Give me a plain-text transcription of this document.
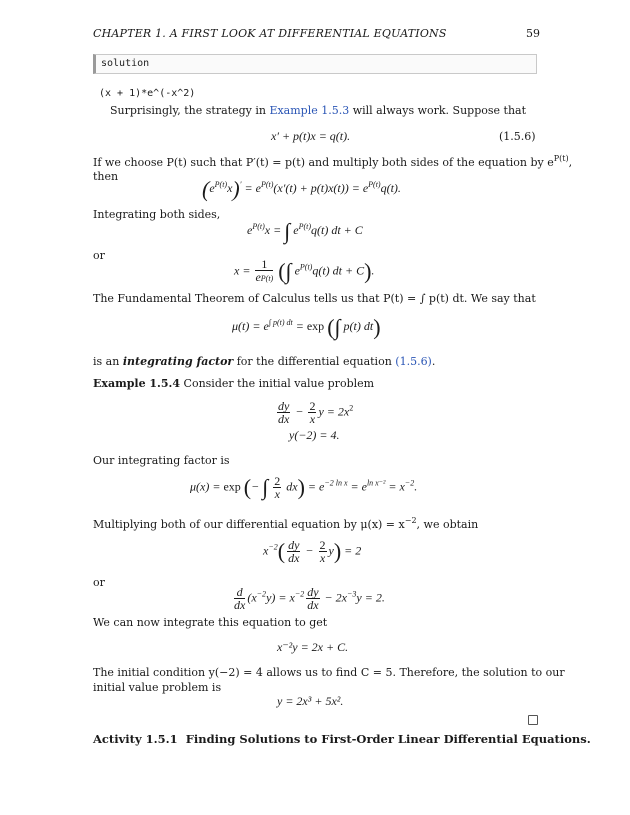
CHAPTER 1. A FIRST LOOK AT DIFFERENTIAL EQUATIONS	59
solution
(x + 1)*e^(-x^2)
Surprisingly, the strategy in Example 1.5.3 will always work. Suppose that
x′ + p(t)x = q(t).	(1.5.6)
If we choose P(t) such that P′(t) = p(t) and multiply both sides of the equation by $e^{P(t)}$,
then	$(e^{P(t)}x)' = e^{P(t)}(x'(t) + p(t)x(t)) = e^{P(t)}q(t)$.
Integrating both sides,
$e^{P(t)}x$ = ∫ $e^{P(t)}q(t)$ dt + C
or
$x = \frac{1}{eP(t)}$ (∫ $e^{P(t)}q(t)$ dt + C).
The Fundamental Theorem of Calculus tells us that P(t) = ∫ p(t) dt. We say that
$\mu(t) = e^{\int p(t) dt} = \exp$ (∫ p(t) dt)
is an integrating factor for the differential equation (1.5.6).
Example 1.5.4 Consider the initial value problem
$\frac{dy}{dx} - \frac{2}{x}$ $y = 2x^2$
y(−2) = 4.
Our integrating factor is
μ(x) = exp (− ∫ $\frac{2}{x} dx) = e^{-2 ln x} = e^{ln x^{-2}} = x^{-2}$.
Multiplying both of our differential equation by $\mu(x) = x^{-2}$, we obtain
$x^{-2}( \frac{dy}{dx} - \frac{2}{x} y) = 2$
or
$\frac{d}{dx} (x^{-2}y) = x^{-2} \frac{dy}{dx} - 2x^{-3}y = 2$.
We can now integrate this equation to get
x⁻²y = 2x + C.
The initial condition y(−2) = 4 allows us to find C = 5. Therefore, the solution to our
initial value problem is
y = 2x³ + 5x².
Activity 1.5.1 Finding Solutions to First-Order Linear Differential Equations.
